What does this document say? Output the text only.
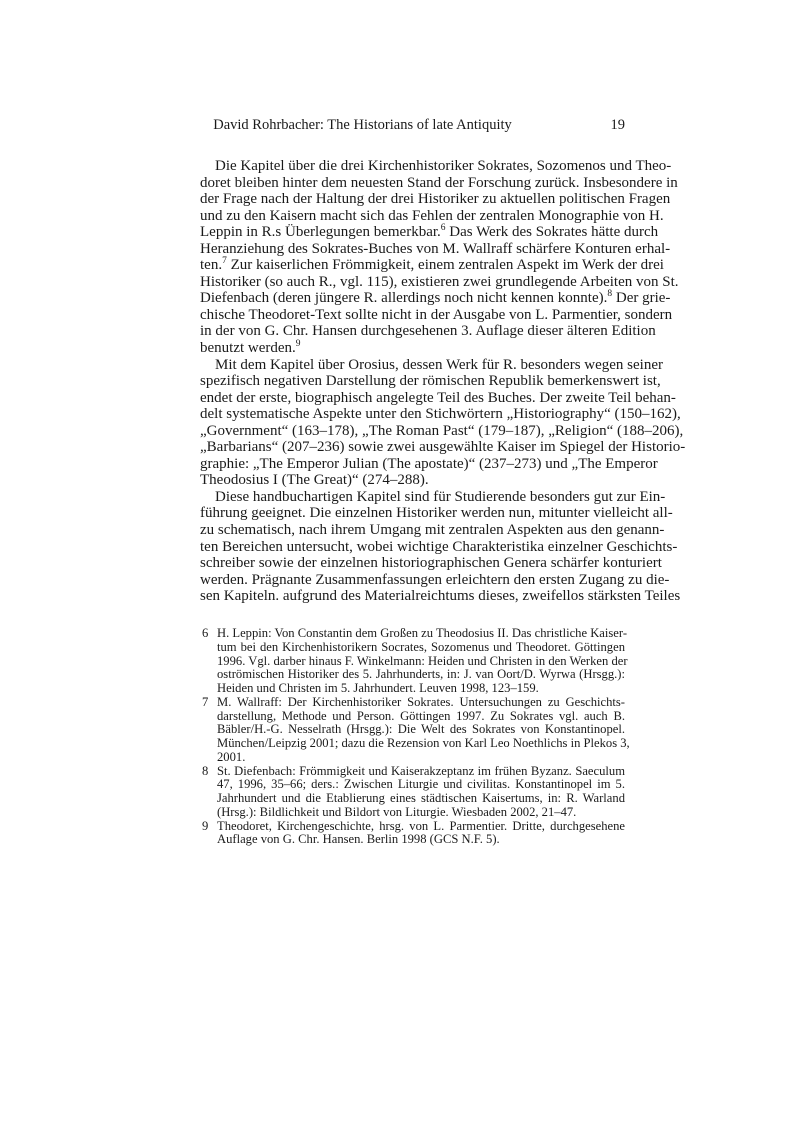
David Rohrbacher: The Historians of late Antiquity	19
Die Kapitel über die drei Kirchenhistoriker Sokrates, Sozomenos und Theo-
doret bleiben hinter dem neuesten Stand der Forschung zurück. Insbesondere in
der Frage nach der Haltung der drei Historiker zu aktuellen politischen Fragen
und zu den Kaisern macht sich das Fehlen der zentralen Monographie von H.
Leppin in R.s Überlegungen bemerkbar.$^6$ Das Werk des Sokrates hätte durch
Heranziehung des Sokrates-Buches von M. Wallraff schärfere Konturen erhal-
ten.$^7$ Zur kaiserlichen Frömmigkeit, einem zentralen Aspekt im Werk der drei
Historiker (so auch R., vgl. 115), existieren zwei grundlegende Arbeiten von St.
Diefenbach (deren jüngere R. allerdings noch nicht kennen konnte).$^8$ Der grie-
chische Theodoret-Text sollte nicht in der Ausgabe von L. Parmentier, sondern
in der von G. Chr. Hansen durchgesehenen 3. Auflage dieser älteren Edition
benutzt werden.$^9$
Mit dem Kapitel über Orosius, dessen Werk für R. besonders wegen seiner
spezifisch negativen Darstellung der römischen Republik bemerkenswert ist,
endet der erste, biographisch angelegte Teil des Buches. Der zweite Teil behan-
delt systematische Aspekte unter den Stichwörtern „Historiography“ (150–162),
„Government“ (163–178), „The Roman Past“ (179–187), „Religion“ (188–206),
„Barbarians“ (207–236) sowie zwei ausgewählte Kaiser im Spiegel der Historio-
graphie: „The Emperor Julian (The apostate)“ (237–273) und „The Emperor
Theodosius I (The Great)“ (274–288).
Diese handbuchartigen Kapitel sind für Studierende besonders gut zur Ein-
führung geeignet. Die einzelnen Historiker werden nun, mitunter vielleicht all-
zu schematisch, nach ihrem Umgang mit zentralen Aspekten aus den genann-
ten Bereichen untersucht, wobei wichtige Charakteristika einzelner Geschichts-
schreiber sowie der einzelnen historiographischen Genera schärfer konturiert
werden. Prägnante Zusammenfassungen erleichtern den ersten Zugang zu die-
sen Kapiteln. aufgrund des Materialreichtums dieses, zweifellos stärksten Teiles
6 H. Leppin: Von Constantin dem Großen zu Theodosius II. Das christliche Kaiser-
tum bei den Kirchenhistorikern Socrates, Sozomenus und Theodoret. Göttingen
1996. Vgl. darber hinaus F. Winkelmann: Heiden und Christen in den Werken der
oströmischen Historiker des 5. Jahrhunderts, in: J. van Oort/D. Wyrwa (Hrsgg.):
Heiden und Christen im 5. Jahrhundert. Leuven 1998, 123–159.
7 M. Wallraff: Der Kirchenhistoriker Sokrates. Untersuchungen zu Geschichts-
darstellung, Methode und Person. Göttingen 1997. Zu Sokrates vgl. auch B.
Bäbler/H.-G. Nesselrath (Hrsgg.): Die Welt des Sokrates von Konstantinopel.
München/Leipzig 2001; dazu die Rezension von Karl Leo Noethlichs in Plekos 3,
2001.
8 St. Diefenbach: Frömmigkeit und Kaiserakzeptanz im frühen Byzanz. Saeculum
47, 1996, 35–66; ders.: Zwischen Liturgie und civilitas. Konstantinopel im 5.
Jahrhundert und die Etablierung eines städtischen Kaisertums, in: R. Warland
(Hrsg.): Bildlichkeit und Bildort von Liturgie. Wiesbaden 2002, 21–47.
9 Theodoret, Kirchengeschichte, hrsg. von L. Parmentier. Dritte, durchgesehene
Auflage von G. Chr. Hansen. Berlin 1998 (GCS N.F. 5).
